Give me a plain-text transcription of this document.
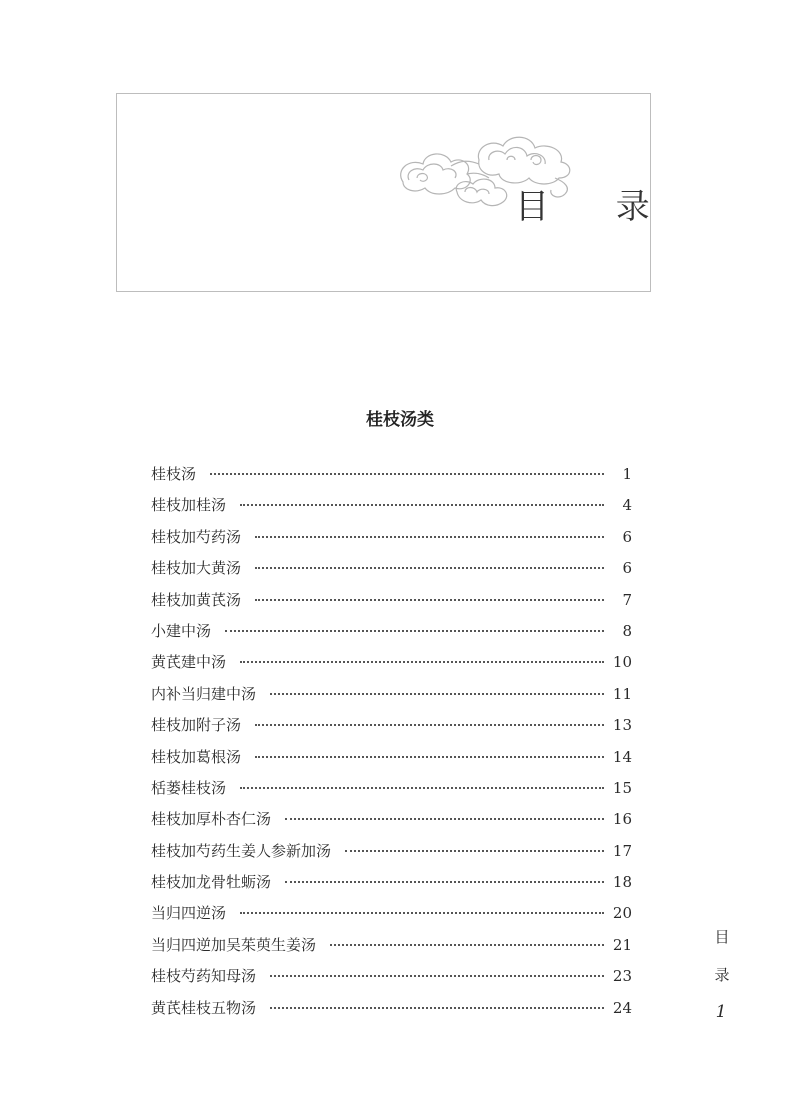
目 录
桂枝汤类
桂枝汤	1
桂枝加桂汤	4
桂枝加芍药汤	6
桂枝加大黄汤	6
桂枝加黄芪汤	7
小建中汤	8
黄芪建中汤	10
内补当归建中汤	11
桂枝加附子汤	13
桂枝加葛根汤	14
栝蒌桂枝汤	15
桂枝加厚朴杏仁汤	16
桂枝加芍药生姜人参新加汤	17
桂枝加龙骨牡蛎汤	18
当归四逆汤	20
当归四逆加吴茱萸生姜汤	21
桂枝芍药知母汤	23
黄芪桂枝五物汤	24
目
录
1
